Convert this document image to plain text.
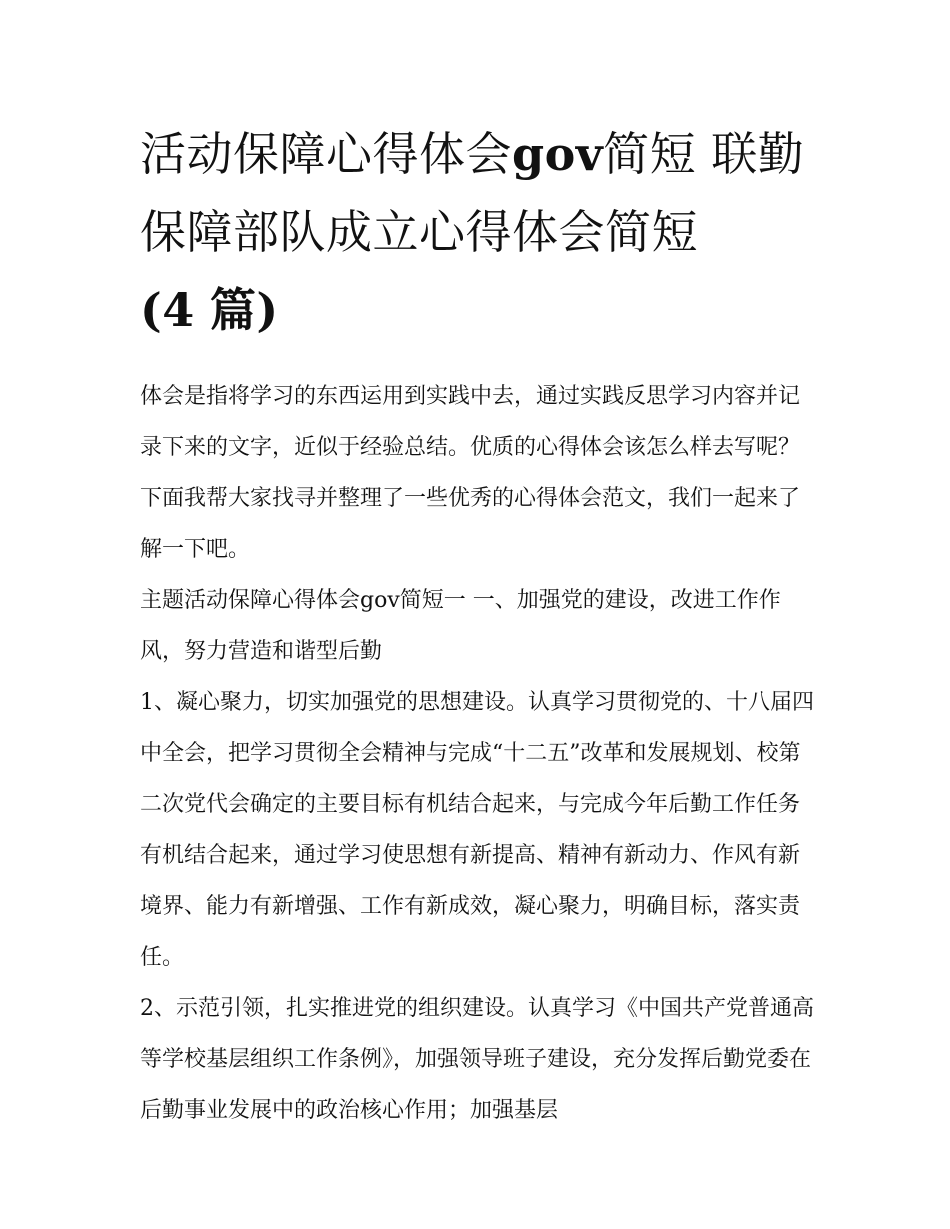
活动保障心得体会gov简短 联勤保障部队成立心得体会简短
(4 篇)

体会是指将学习的东西运用到实践中去，通过实践反思学习内容并记录下来的文字，近似于经验总结。优质的心得体会该怎么样去写呢？下面我帮大家找寻并整理了一些优秀的心得体会范文，我们一起来了解一下吧。

主题活动保障心得体会gov简短一 一、加强党的建设，改进工作作风，努力营造和谐型后勤

1、凝心聚力，切实加强党的思想建设。认真学习贯彻党的、十八届四中全会，把学习贯彻全会精神与完成“十二五”改革和发展规划、校第二次党代会确定的主要目标有机结合起来，与完成今年后勤工作任务有机结合起来，通过学习使思想有新提高、精神有新动力、作风有新境界、能力有新增强、工作有新成效，凝心聚力，明确目标，落实责任。

2、示范引领，扎实推进党的组织建设。认真学习《中国共产党普通高等学校基层组织工作条例》，加强领导班子建设，充分发挥后勤党委在后勤事业发展中的政治核心作用；加强基层
